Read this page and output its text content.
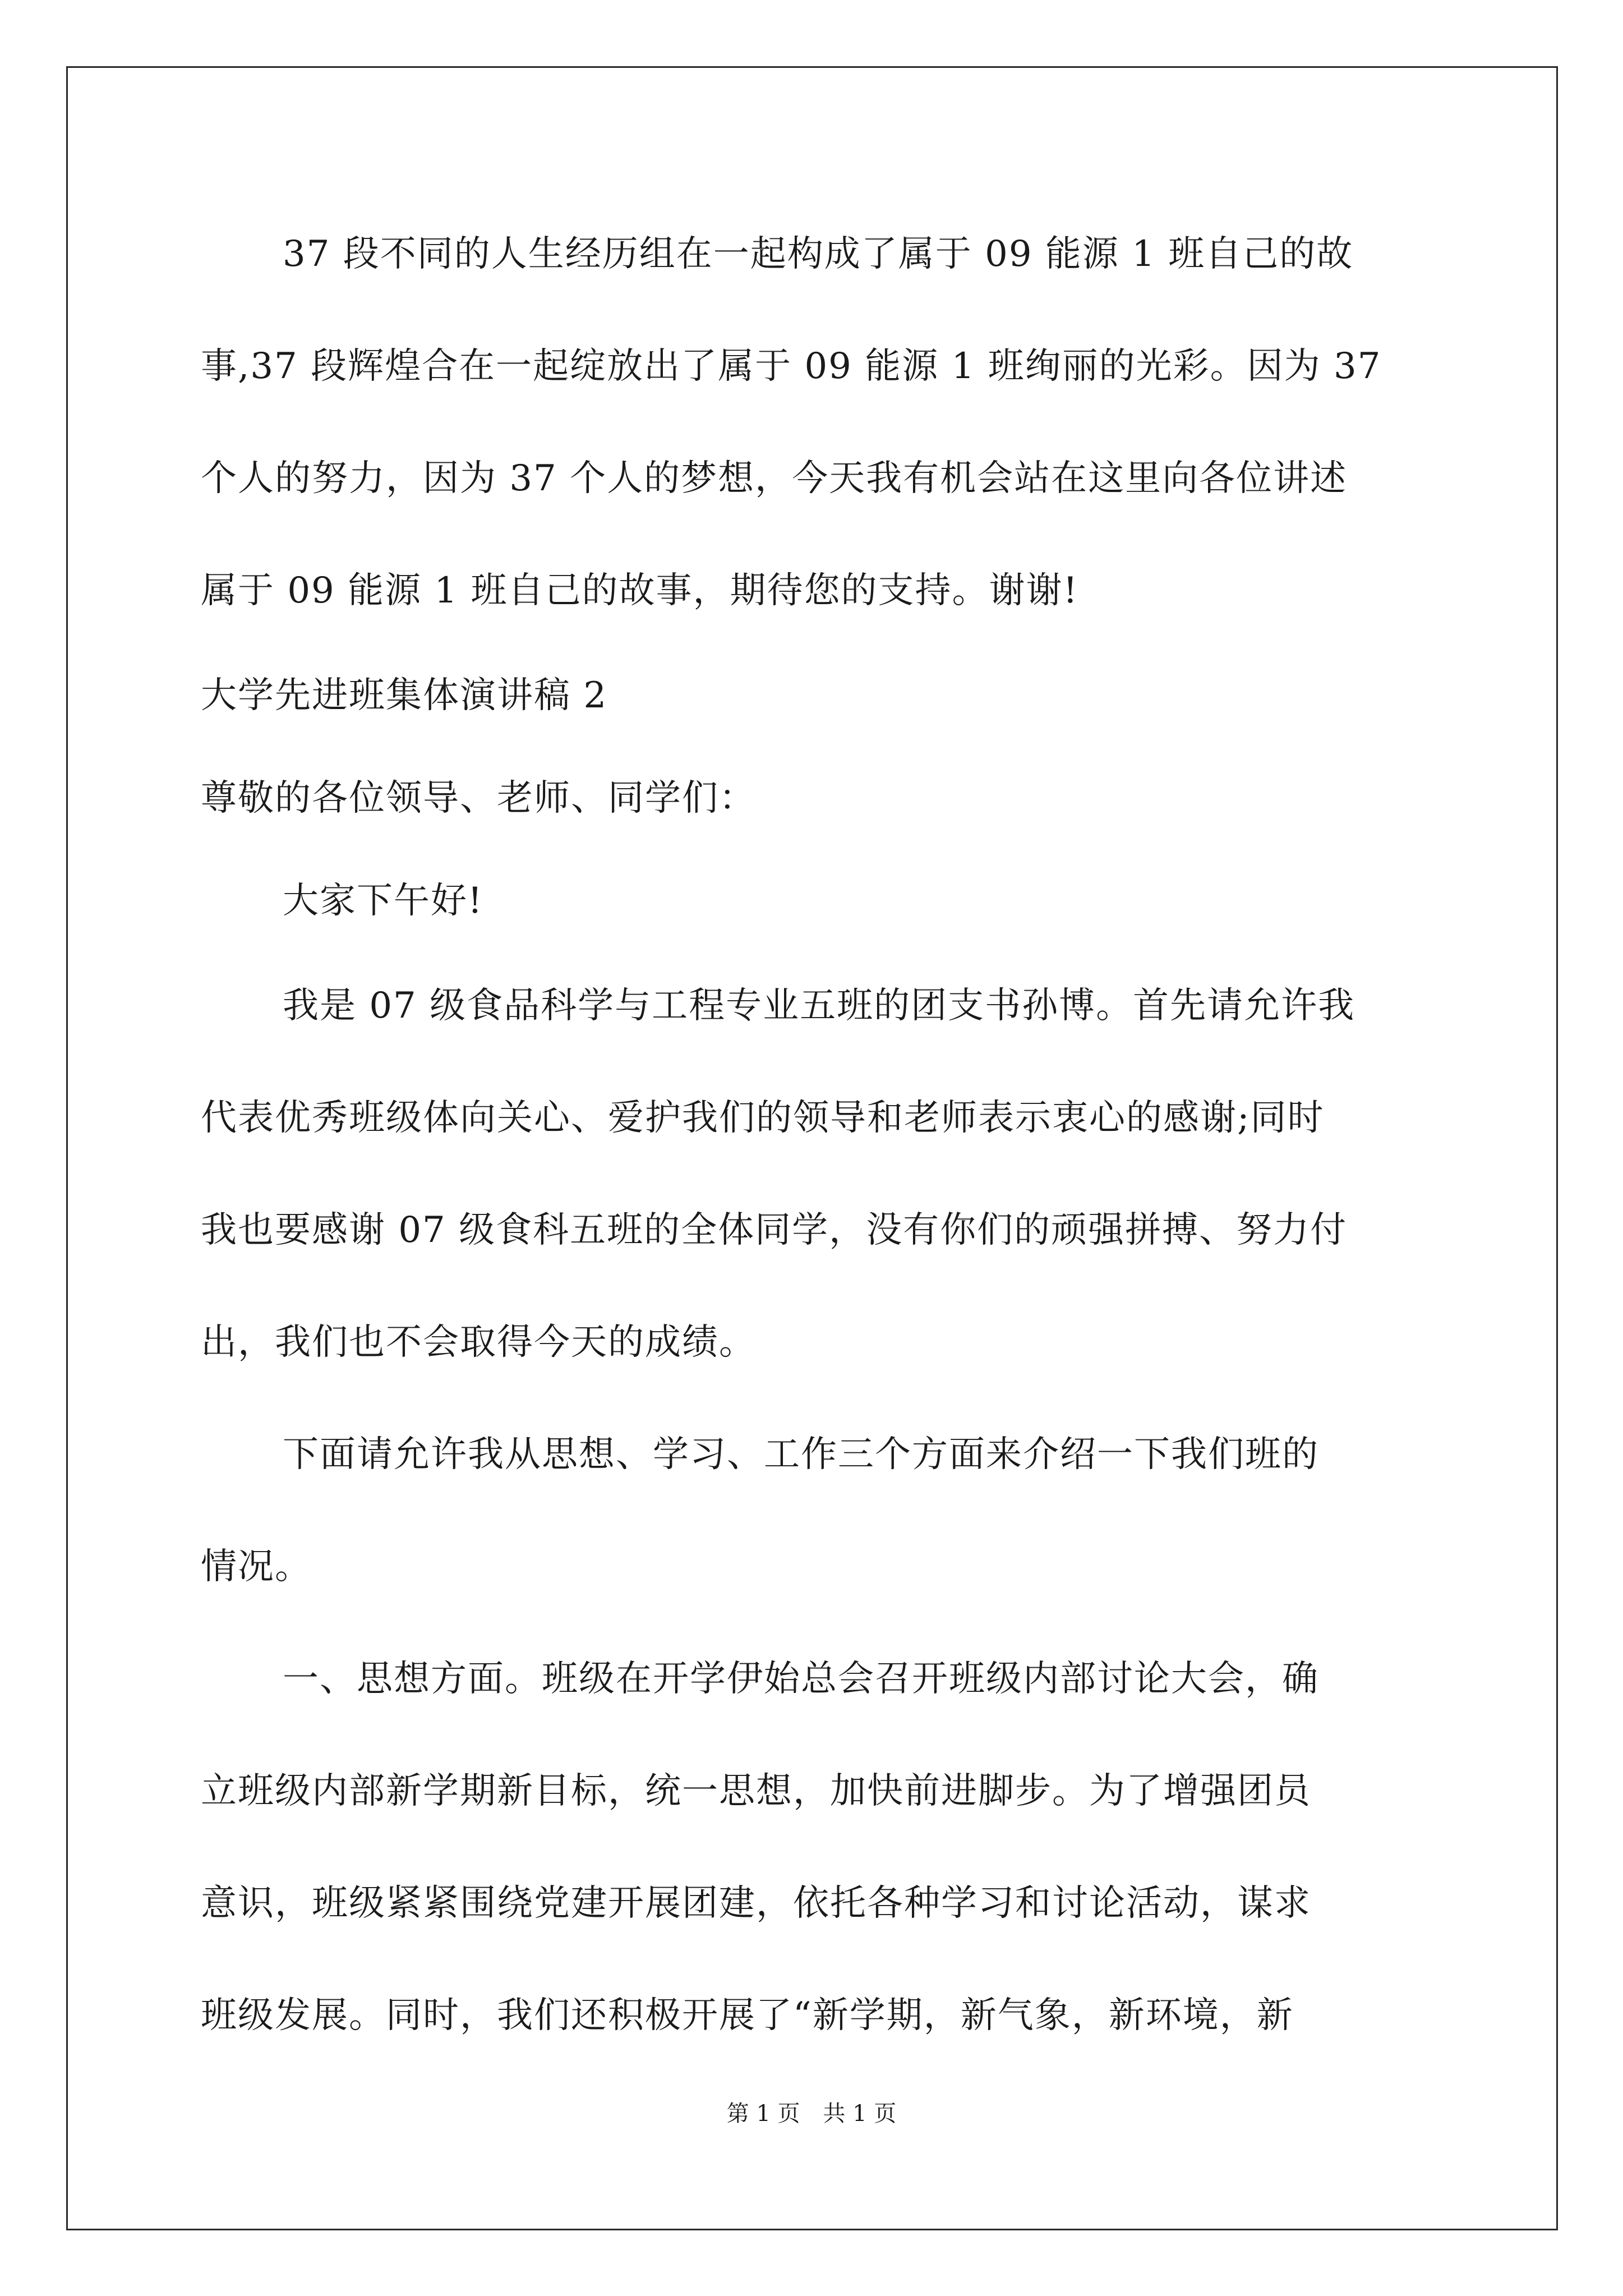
37 段不同的人生经历组在一起构成了属于 09 能源 1 班自己的故
事,37 段辉煌合在一起绽放出了属于 09 能源 1 班绚丽的光彩。因为 37
个人的努力，因为 37 个人的梦想，今天我有机会站在这里向各位讲述
属于 09 能源 1 班自己的故事，期待您的支持。谢谢!
大学先进班集体演讲稿 2
尊敬的各位领导、老师、同学们：
大家下午好!
我是 07 级食品科学与工程专业五班的团支书孙博。首先请允许我
代表优秀班级体向关心、爱护我们的领导和老师表示衷心的感谢;同时
我也要感谢 07 级食科五班的全体同学，没有你们的顽强拼搏、努力付
出，我们也不会取得今天的成绩。
下面请允许我从思想、学习、工作三个方面来介绍一下我们班的
情况。
一、思想方面。班级在开学伊始总会召开班级内部讨论大会，确
立班级内部新学期新目标，统一思想，加快前进脚步。为了增强团员
意识，班级紧紧围绕党建开展团建，依托各种学习和讨论活动，谋求
班级发展。同时，我们还积极开展了“新学期，新气象，新环境，新
第 1 页 共 1 页
